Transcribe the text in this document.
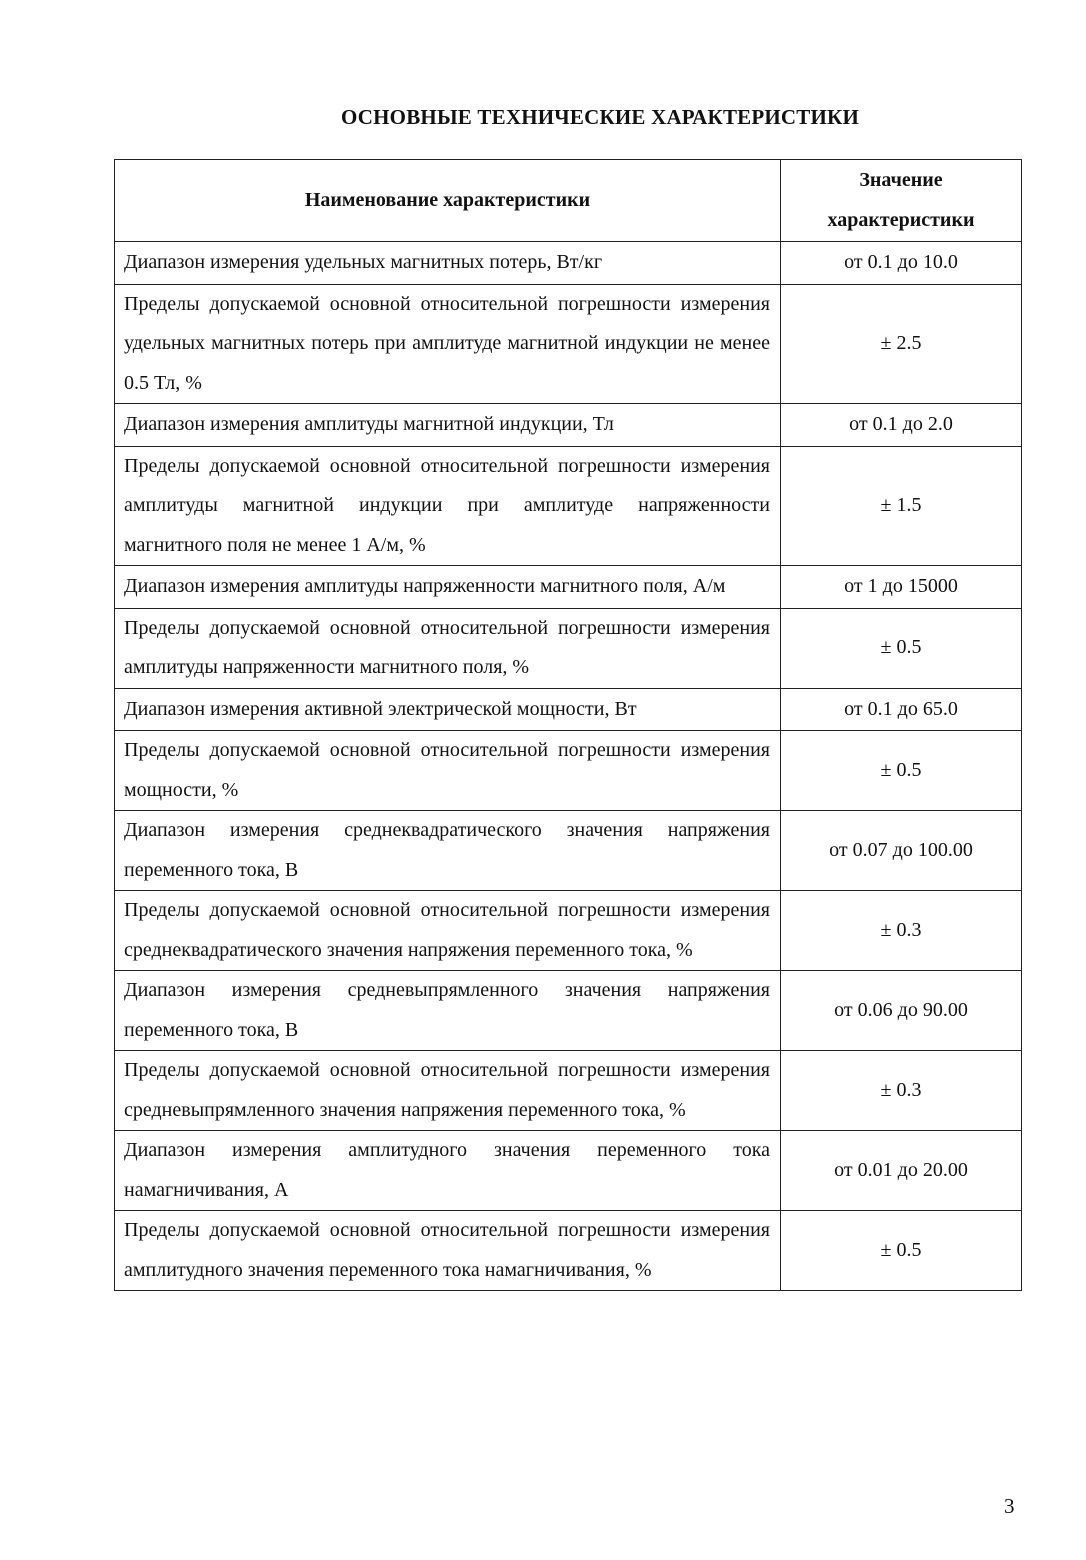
ОСНОВНЫЕ ТЕХНИЧЕСКИЕ ХАРАКТЕРИСТИКИ
Наименование характеристики	Значение характеристики
Диапазон измерения удельных магнитных потерь, Вт/кг	от 0.1 до 10.0
Пределы допускаемой основной относительной погрешности измерения удельных магнитных потерь при амплитуде магнитной индукции не менее 0.5 Тл, %	± 2.5
Диапазон измерения амплитуды магнитной индукции, Тл	от 0.1 до 2.0
Пределы допускаемой основной относительной погрешности измерения амплитуды магнитной индукции при амплитуде напряженности магнитного поля не менее 1 А/м, %	± 1.5
Диапазон измерения амплитуды напряженности магнитного поля, А/м	от 1 до 15000
Пределы допускаемой основной относительной погрешности измерения амплитуды напряженности магнитного поля, %	± 0.5
Диапазон измерения активной электрической мощности, Вт	от 0.1 до 65.0
Пределы допускаемой основной относительной погрешности измерения мощности, %	± 0.5
Диапазон измерения среднеквадратического значения напряжения переменного тока, В	от 0.07 до 100.00
Пределы допускаемой основной относительной погрешности измерения среднеквадратического значения напряжения переменного тока, %	± 0.3
Диапазон измерения средневыпрямленного значения напряжения переменного тока, В	от 0.06 до 90.00
Пределы допускаемой основной относительной погрешности измерения средневыпрямленного значения напряжения переменного тока, %	± 0.3
Диапазон измерения амплитудного значения переменного тока намагничивания, А	от 0.01 до 20.00
Пределы допускаемой основной относительной погрешности измерения амплитудного значения переменного тока намагничивания, %	± 0.5
3
